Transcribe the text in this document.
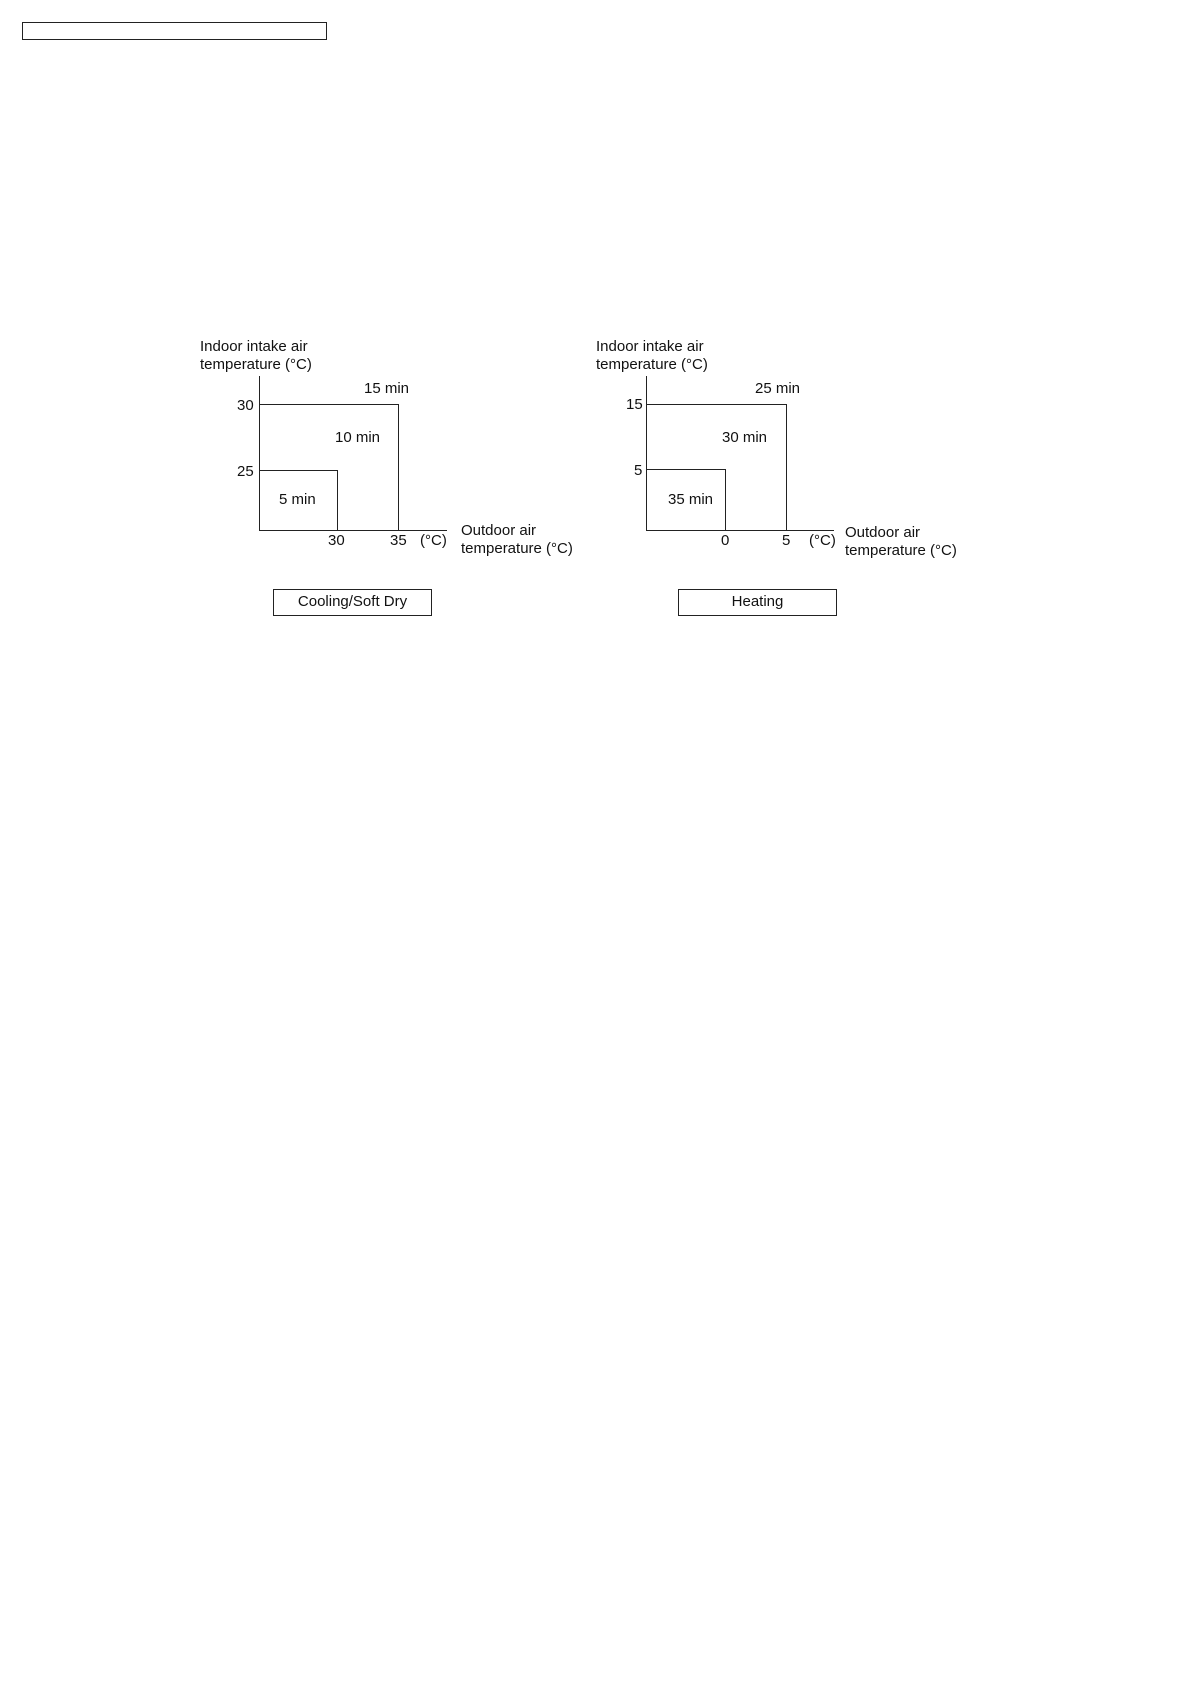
Indoor intake air
temperature (°C)
30
25
30	35 (°C)
Outdoor air
temperature (°C)
15 min
10 min
5 min
Cooling/Soft Dry
Indoor intake air
temperature (°C)
15
5
0	5 (°C) Outdoor air
temperature (°C)
25 min
30 min
35 min
Heating
